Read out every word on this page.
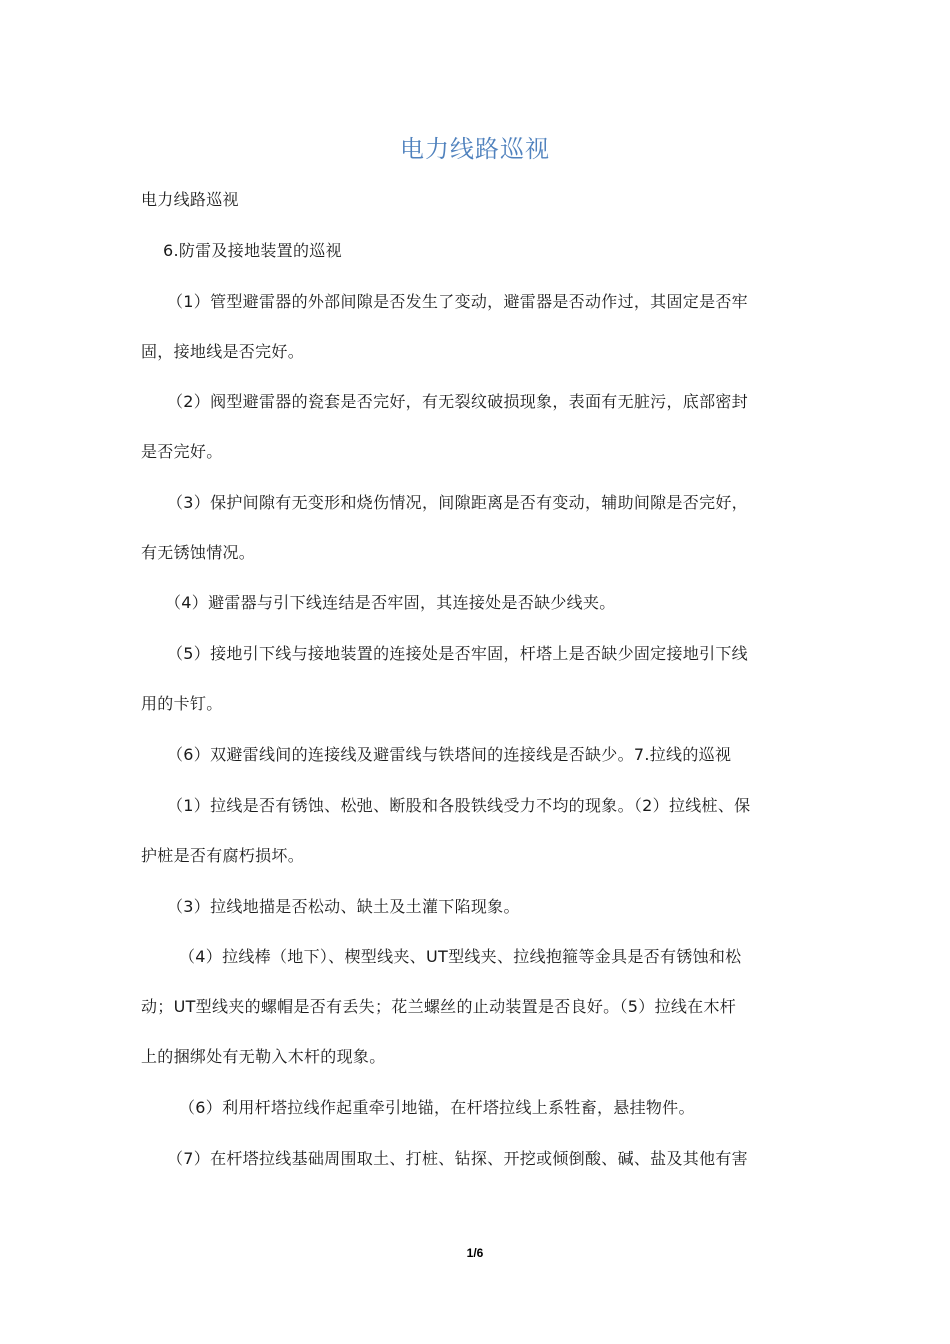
电力线路巡视
电力线路巡视
6.防雷及接地装置的巡视
（1）管型避雷器的外部间隙是否发生了变动，避雷器是否动作过，其固定是否牢
固，接地线是否完好。
（2）阀型避雷器的瓷套是否完好，有无裂纹破损现象，表面有无脏污，底部密封
是否完好。
（3）保护间隙有无变形和烧伤情况，间隙距离是否有变动，辅助间隙是否完好，
有无锈蚀情况。
（4）避雷器与引下线连结是否牢固，其连接处是否缺少线夹。
（5）接地引下线与接地装置的连接处是否牢固，杆塔上是否缺少固定接地引下线
用的卡钉。
（6）双避雷线间的连接线及避雷线与铁塔间的连接线是否缺少。7.拉线的巡视
（1）拉线是否有锈蚀、松弛、断股和各股铁线受力不均的现象。（2）拉线桩、保
护桩是否有腐朽损坏。
（3）拉线地描是否松动、缺土及土灌下陷现象。
（4）拉线棒（地下）、楔型线夹、UT型线夹、拉线抱箍等金具是否有锈蚀和松
动；UT型线夹的螺帽是否有丢失；花兰螺丝的止动装置是否良好。（5）拉线在木杆
上的捆绑处有无勒入木杆的现象。
（6）利用杆塔拉线作起重牵引地锚，在杆塔拉线上系牲畜，悬挂物件。
（7）在杆塔拉线基础周围取土、打桩、钻探、开挖或倾倒酸、碱、盐及其他有害
1/6
